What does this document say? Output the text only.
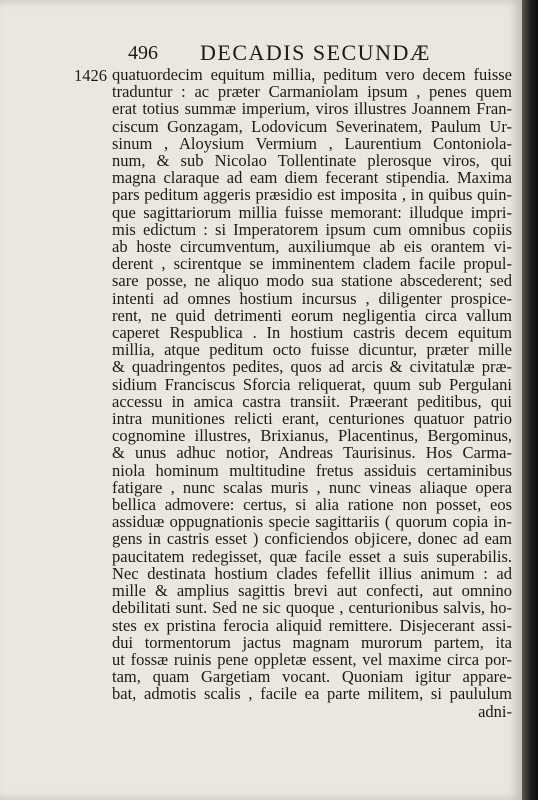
496 DECADIS SECUNDÆ
1426 quatuordecim equitum millia, peditum vero decem fuisse
traduntur : ac præter Carmaniolam ipsum , penes quem
erat totius summæ imperium, viros illustres Joannem Fran-
ciscum Gonzagam, Lodovicum Severinatem, Paulum Ur-
sinum , Aloysium Vermium , Laurentium Contoniola-
num, & sub Nicolao Tollentinate plerosque viros, qui
magna claraque ad eam diem fecerant stipendia. Maxima
pars peditum aggeris præsidio est imposita , in quibus quin-
que sagittariorum millia fuisse memorant: illudque impri-
mis edictum : si Imperatorem ipsum cum omnibus copiis
ab hoste circumventum, auxiliumque ab eis orantem vi-
derent , scirentque se imminentem cladem facile propul-
sare posse, ne aliquo modo sua statione abscederent; sed
intenti ad omnes hostium incursus , diligenter prospice-
rent, ne quid detrimenti eorum negligentia circa vallum
caperet Respublica . In hostium castris decem equitum
millia, atque peditum octo fuisse dicuntur, præter mille
& quadringentos pedites, quos ad arcis & civitatulæ præ-
sidium Franciscus Sforcia reliquerat, quum sub Pergulani
accessu in amica castra transiit. Præerant peditibus, qui
intra munitiones relicti erant, centuriones quatuor patrio
cognomine illustres, Brixianus, Placentinus, Bergominus,
& unus adhuc notior, Andreas Taurisinus. Hos Carma-
niola hominum multitudine fretus assiduis certaminibus
fatigare , nunc scalas muris , nunc vineas aliaque opera
bellica admovere: certus, si alia ratione non posset, eos
assiduæ oppugnationis specie sagittariis ( quorum copia in-
gens in castris esset ) conficiendos objicere, donec ad eam
paucitatem redegisset, quæ facile esset a suis superabilis.
Nec destinata hostium clades fefellit illius animum : ad
mille & amplius sagittis brevi aut confecti, aut omnino
debilitati sunt. Sed ne sic quoque , centurionibus salvis, ho-
stes ex pristina ferocia aliquid remittere. Disjecerant assi-
dui tormentorum jactus magnam murorum partem, ita
ut fossæ ruinis pene oppletæ essent, vel maxime circa por-
tam, quam Gargetiam vocant. Quoniam igitur appare-
bat, admotis scalis , facile ea parte militem, si paululum
adni-
